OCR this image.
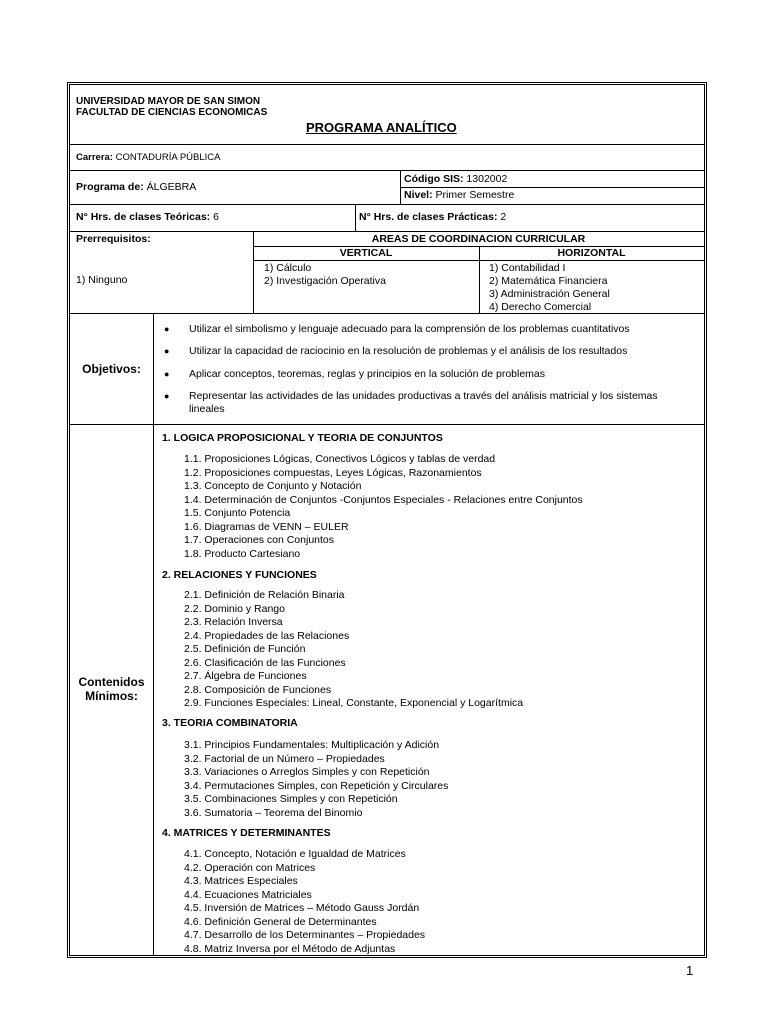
UNIVERSIDAD MAYOR DE SAN SIMON
FACULTAD DE CIENCIAS ECONOMICAS
PROGRAMA ANALÍTICO
Carrera: CONTADURÍA PÚBLICA
Programa de: ÁLGEBRA
Código SIS: 1302002
Nivel: Primer Semestre
N° Hrs. de clases Teóricas: 6	N° Hrs. de clases Prácticas: 2
Prerrequisitos:
1) Ninguno
AREAS DE COORDINACION CURRICULAR
VERTICAL	HORIZONTAL
1) Cálculo
2) Investigación Operativa
1) Contabilidad I
2) Matemática Financiera
3) Administración General
4) Derecho Comercial
Objetivos:
● Utilizar el simbolismo y lenguaje adecuado para la comprensión de los problemas cuantitativos
● Utilizar la capacidad de raciocinio en la resolución de problemas y el análisis de los resultados
● Aplicar conceptos, teoremas, reglas y principios en la solución de problemas
● Representar las actividades de las unidades productivas a través del análisis matricial y los sistemas
lineales
Contenidos
Mínimos:
1. LOGICA PROPOSICIONAL Y TEORIA DE CONJUNTOS
1.1. Proposiciones Lógicas, Conectivos Lógicos y tablas de verdad
1.2. Proposiciones compuestas, Leyes Lógicas, Razonamientos
1.3. Concepto de Conjunto y Notación
1.4. Determinación de Conjuntos -Conjuntos Especiales - Relaciones entre Conjuntos
1.5. Conjunto Potencia
1.6. Diagramas de VENN – EULER
1.7. Operaciones con Conjuntos
1.8. Producto Cartesiano
2. RELACIONES Y FUNCIONES
2.1. Definición de Relación Binaria
2.2. Dominio y Rango
2.3. Relación Inversa
2.4. Propiedades de las Relaciones
2.5. Definición de Función
2.6. Clasificación de las Funciones
2.7. Álgebra de Funciones
2.8. Composición de Funciones
2.9. Funciones Especiales: Lineal, Constante, Exponencial y Logarítmica
3. TEORIA COMBINATORIA
3.1. Principios Fundamentales: Multiplicación y Adición
3.2. Factorial de un Número – Propiedades
3.3. Variaciones o Arreglos Simples y con Repetición
3.4. Permutaciones Simples, con Repetición y Circulares
3.5. Combinaciones Simples y con Repetición
3.6. Sumatoria – Teorema del Binomio
4. MATRICES Y DETERMINANTES
4.1. Concepto, Notación e Igualdad de Matrices
4.2. Operación con Matrices
4.3. Matrices Especiales
4.4. Ecuaciones Matriciales
4.5. Inversión de Matrices – Método Gauss Jordán
4.6. Definición General de Determinantes
4.7. Desarrollo de los Determinantes – Propiedades
4.8. Matriz Inversa por el Método de Adjuntas
1
